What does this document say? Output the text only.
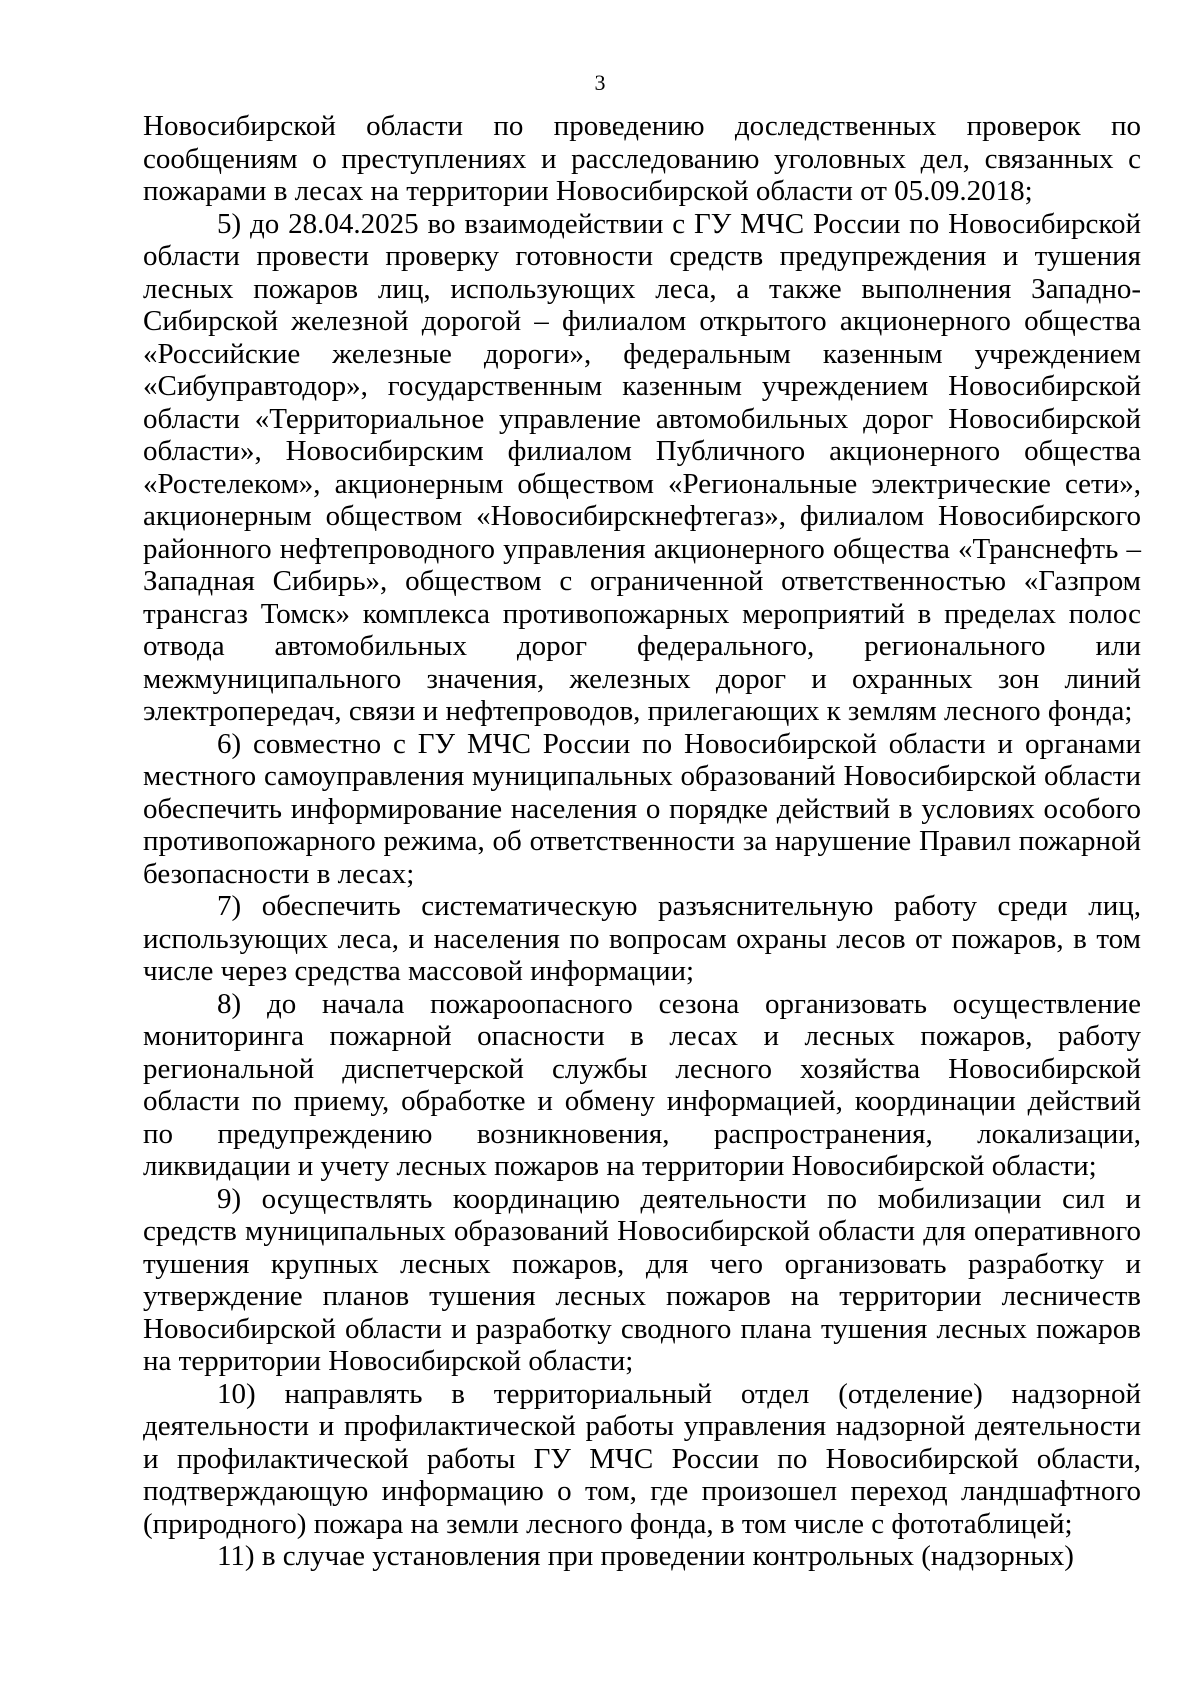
3

Новосибирской области по проведению доследственных проверок по сообщениям о преступлениях и расследованию уголовных дел, связанных с пожарами в лесах на территории Новосибирской области от 05.09.2018;

5) до 28.04.2025 во взаимодействии с ГУ МЧС России по Новосибирской области провести проверку готовности средств предупреждения и тушения лесных пожаров лиц, использующих леса, а также выполнения Западно-Сибирской железной дорогой – филиалом открытого акционерного общества «Российские железные дороги», федеральным казенным учреждением «Сибуправтодор», государственным казенным учреждением Новосибирской области «Территориальное управление автомобильных дорог Новосибирской области», Новосибирским филиалом Публичного акционерного общества «Ростелеком», акционерным обществом «Региональные электрические сети», акционерным обществом «Новосибирскнефтегаз», филиалом Новосибирского районного нефтепроводного управления акционерного общества «Транснефть – Западная Сибирь», обществом с ограниченной ответственностью «Газпром трансгаз Томск» комплекса противопожарных мероприятий в пределах полос отвода автомобильных дорог федерального, регионального или межмуниципального значения, железных дорог и охранных зон линий электропередач, связи и нефтепроводов, прилегающих к землям лесного фонда;

6) совместно с ГУ МЧС России по Новосибирской области и органами местного самоуправления муниципальных образований Новосибирской области обеспечить информирование населения о порядке действий в условиях особого противопожарного режима, об ответственности за нарушение Правил пожарной безопасности в лесах;

7) обеспечить систематическую разъяснительную работу среди лиц, использующих леса, и населения по вопросам охраны лесов от пожаров, в том числе через средства массовой информации;

8) до начала пожароопасного сезона организовать осуществление мониторинга пожарной опасности в лесах и лесных пожаров, работу региональной диспетчерской службы лесного хозяйства Новосибирской области по приему, обработке и обмену информацией, координации действий по предупреждению возникновения, распространения, локализации, ликвидации и учету лесных пожаров на территории Новосибирской области;

9) осуществлять координацию деятельности по мобилизации сил и средств муниципальных образований Новосибирской области для оперативного тушения крупных лесных пожаров, для чего организовать разработку и утверждение планов тушения лесных пожаров на территории лесничеств Новосибирской области и разработку сводного плана тушения лесных пожаров на территории Новосибирской области;

10) направлять в территориальный отдел (отделение) надзорной деятельности и профилактической работы управления надзорной деятельности и профилактической работы ГУ МЧС России по Новосибирской области, подтверждающую информацию о том, где произошел переход ландшафтного (природного) пожара на земли лесного фонда, в том числе с фототаблицей;

11) в случае установления при проведении контрольных (надзорных)
